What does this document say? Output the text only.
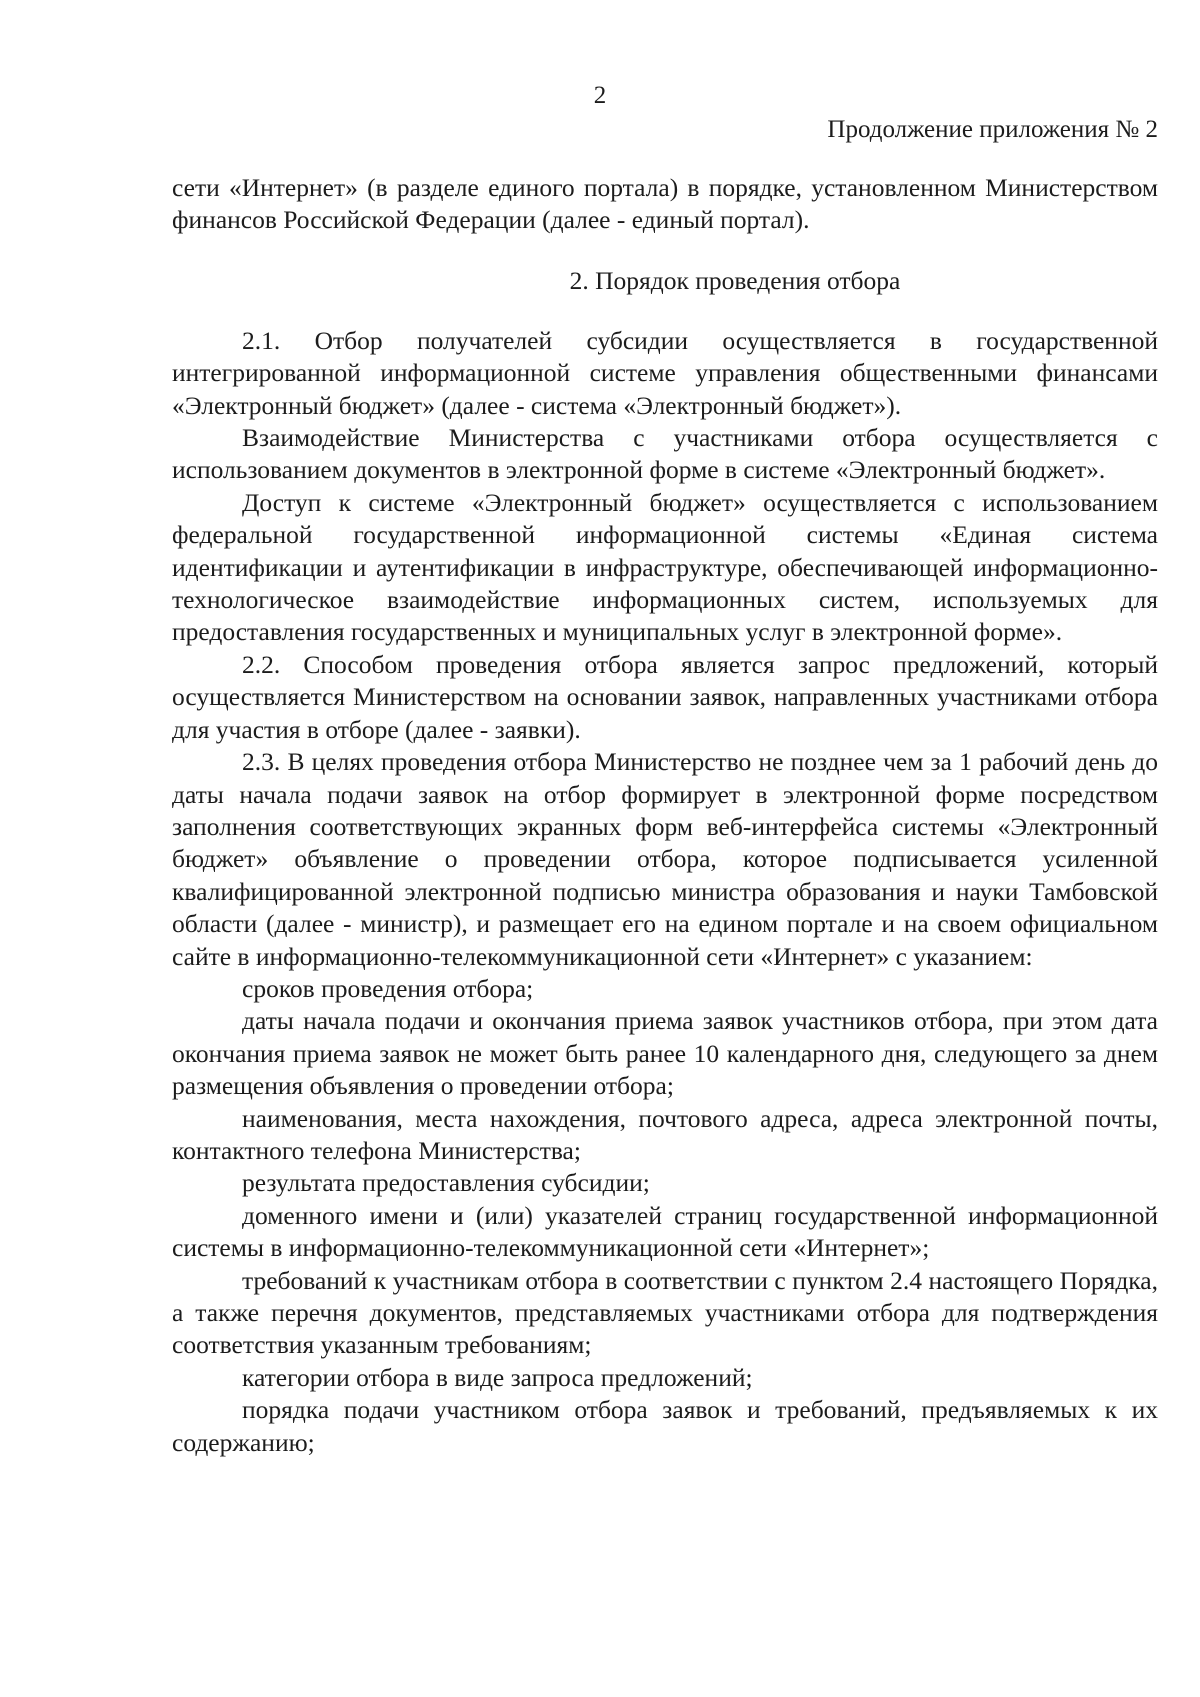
2
Продолжение приложения № 2

сети «Интернет» (в разделе единого портала) в порядке, установленном Министерством финансов Российской Федерации (далее - единый портал).

2. Порядок проведения отбора

2.1. Отбор получателей субсидии осуществляется в государственной интегрированной информационной системе управления общественными финансами «Электронный бюджет» (далее - система «Электронный бюджет»).

Взаимодействие Министерства с участниками отбора осуществляется с использованием документов в электронной форме в системе «Электронный бюджет».

Доступ к системе «Электронный бюджет» осуществляется с использованием федеральной государственной информационной системы «Единая система идентификации и аутентификации в инфраструктуре, обеспечивающей информационно-технологическое взаимодействие информационных систем, используемых для предоставления государственных и муниципальных услуг в электронной форме».

2.2. Способом проведения отбора является запрос предложений, который осуществляется Министерством на основании заявок, направленных участниками отбора для участия в отборе (далее - заявки).

2.3. В целях проведения отбора Министерство не позднее чем за 1 рабочий день до даты начала подачи заявок на отбор формирует в электронной форме посредством заполнения соответствующих экранных форм веб-интерфейса системы «Электронный бюджет» объявление о проведении отбора, которое подписывается усиленной квалифицированной электронной подписью министра образования и науки Тамбовской области (далее - министр), и размещает его на едином портале и на своем официальном сайте в информационно-телекоммуникационной сети «Интернет» с указанием:

сроков проведения отбора;

даты начала подачи и окончания приема заявок участников отбора, при этом дата окончания приема заявок не может быть ранее 10 календарного дня, следующего за днем размещения объявления о проведении отбора;

наименования, места нахождения, почтового адреса, адреса электронной почты, контактного телефона Министерства;

результата предоставления субсидии;

доменного имени и (или) указателей страниц государственной информационной системы в информационно-телекоммуникационной сети «Интернет»;

требований к участникам отбора в соответствии с пунктом 2.4 настоящего Порядка, а также перечня документов, представляемых участниками отбора для подтверждения соответствия указанным требованиям;

категории отбора в виде запроса предложений;

порядка подачи участником отбора заявок и требований, предъявляемых к их содержанию;
